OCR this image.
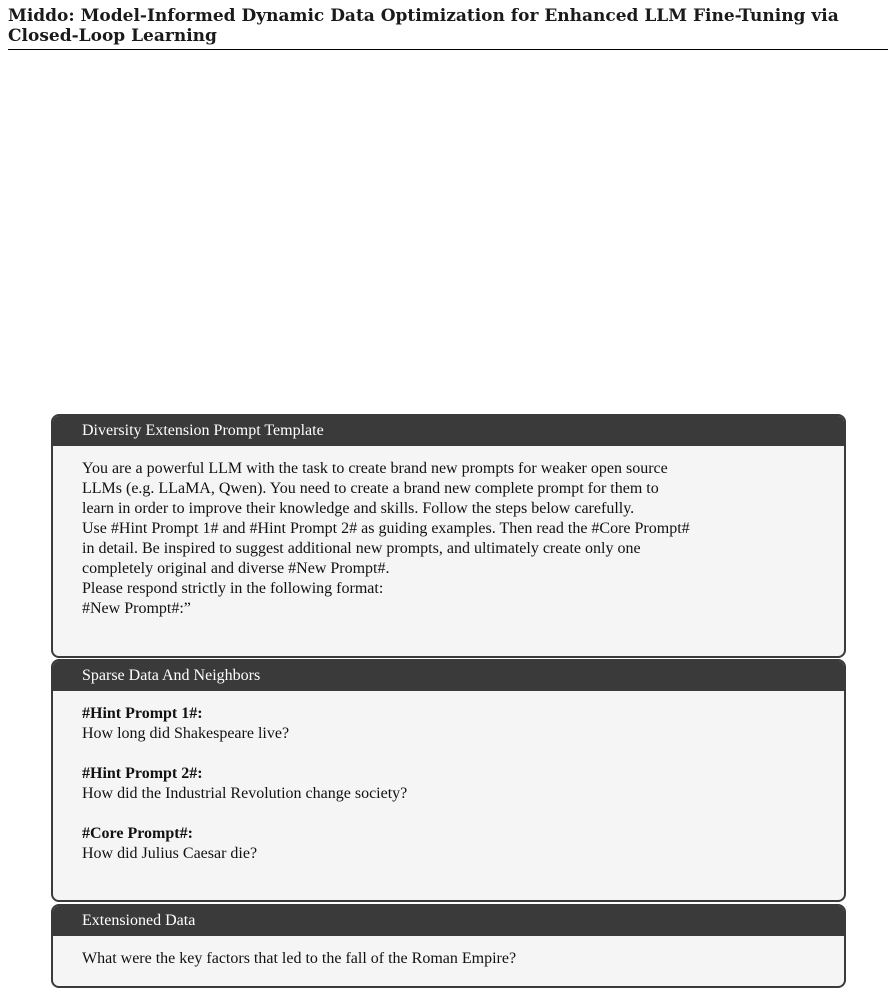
Middo: Model-Informed Dynamic Data Optimization for Enhanced LLM Fine-Tuning via Closed-Loop Learning
Diversity Extension Prompt Template
You are a powerful LLM with the task to create brand new prompts for weaker open source
LLMs (e.g. LLaMA, Qwen). You need to create a brand new complete prompt for them to
learn in order to improve their knowledge and skills. Follow the steps below carefully.
Use #Hint Prompt 1# and #Hint Prompt 2# as guiding examples. Then read the #Core Prompt#
in detail. Be inspired to suggest additional new prompts, and ultimately create only one
completely original and diverse #New Prompt#.
Please respond strictly in the following format:
#New Prompt#:”
Sparse Data And Neighbors
#Hint Prompt 1#:
How long did Shakespeare live?
#Hint Prompt 2#:
How did the Industrial Revolution change society?
#Core Prompt#:
How did Julius Caesar die?
Extensioned Data
What were the key factors that led to the fall of the Roman Empire?
